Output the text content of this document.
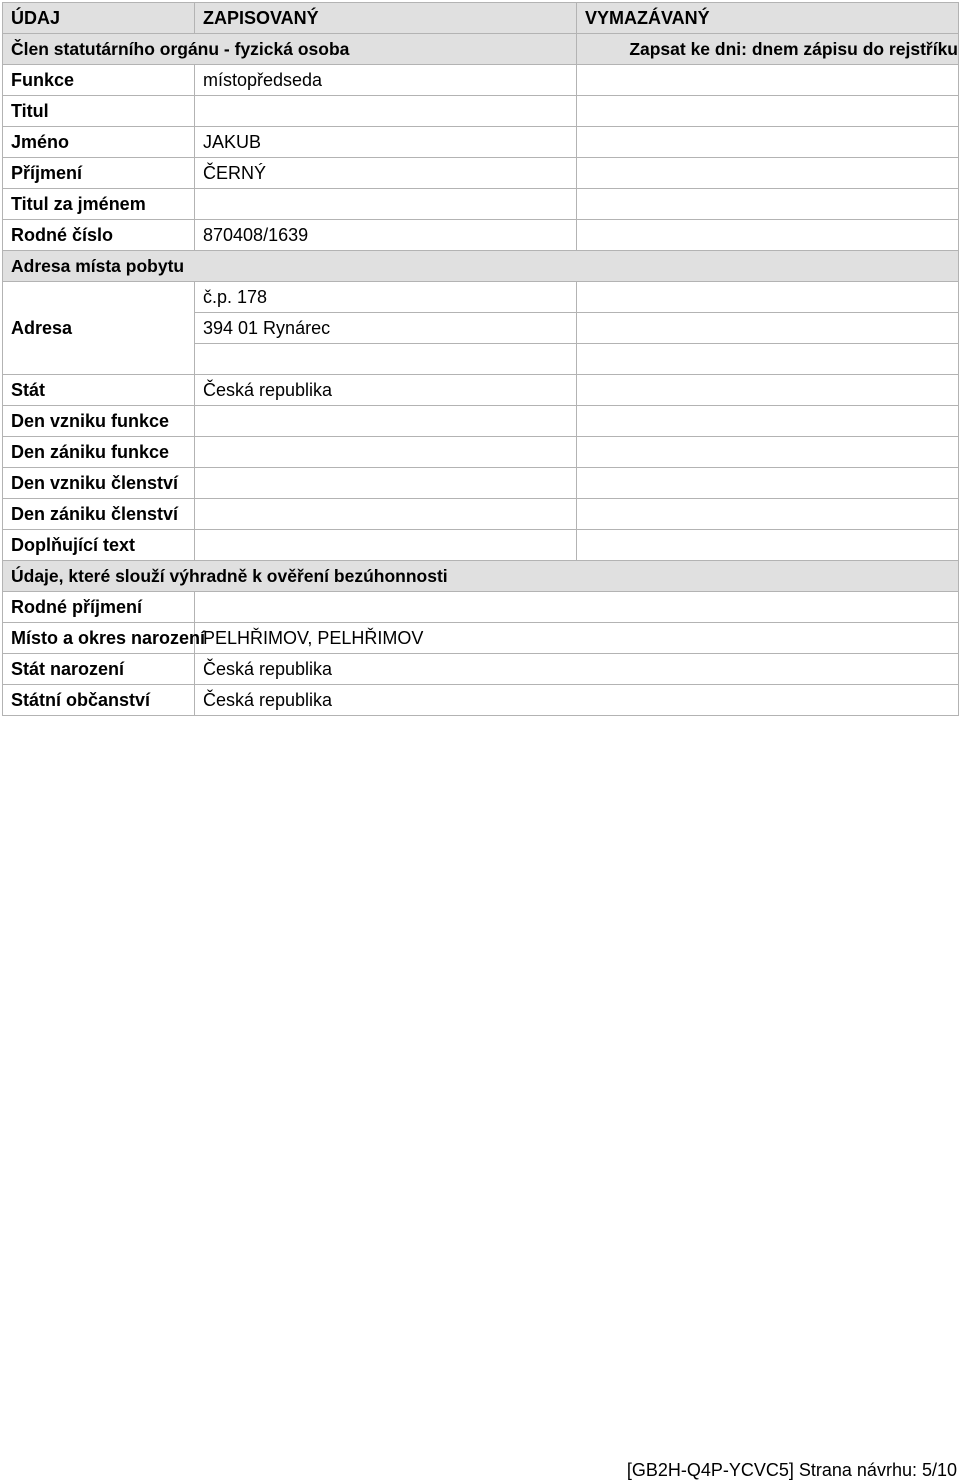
ÚDAJ	ZAPISOVANÝ	VYMAZÁVANÝ
Člen statutárního orgánu - fyzická osoba		Zapsat ke dni: dnem zápisu do rejstříku
Funkce	místopředseda	
Titul		
Jméno	JAKUB	
Příjmení	ČERNÝ	
Titul za jménem		
Rodné číslo	870408/1639	
Adresa místa pobytu		
Adresa	č.p. 178	
	394 01 Rynárec	

Stát	Česká republika	
Den vzniku funkce		
Den zániku funkce		
Den vzniku členství		
Den zániku členství		
Doplňující text		
Údaje, které slouží výhradně k ověření bezúhonnosti		
Rodné příjmení		
Místo a okres narození	PELHŘIMOV, PELHŘIMOV	
Stát narození	Česká republika	
Státní občanství	Česká republika	
[GB2H-Q4P-YCVC5] Strana návrhu: 5/10
